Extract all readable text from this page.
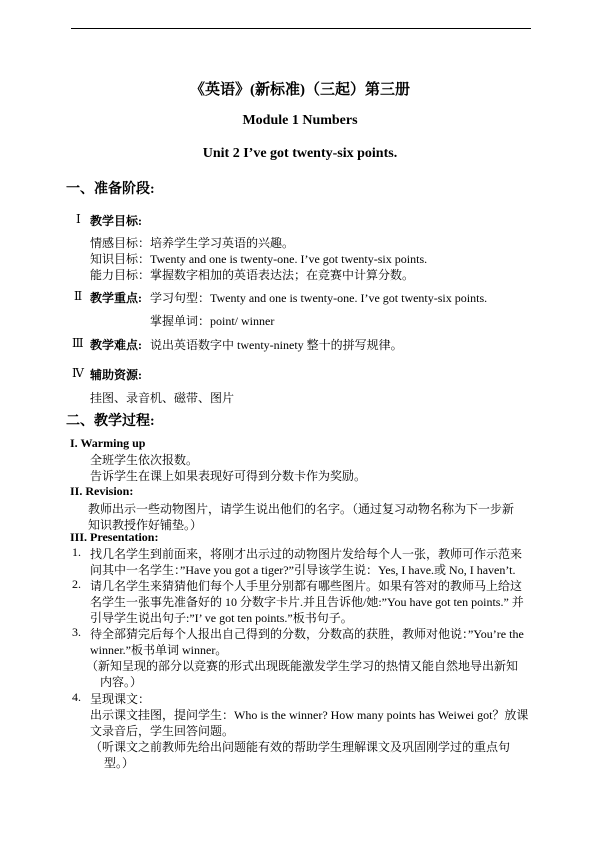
《英语》(新标准)（三起）第三册
Module 1 Numbers
Unit 2 I’ve got twenty-six points.
一、准备阶段:
Ⅰ 教学目标:
情感目标：培养学生学习英语的兴趣。
知识目标：Twenty and one is twenty-one. I’ve got twenty-six points.
能力目标：掌握数字相加的英语表达法；在竞赛中计算分数。
Ⅱ 教学重点: 学习句型：Twenty and one is twenty-one. I’ve got twenty-six points.
掌握单词：point/ winner
Ⅲ 教学难点: 说出英语数字中 twenty-ninety 整十的拼写规律。
Ⅳ 辅助资源:
挂图、录音机、磁带、图片
二、教学过程:
I. Warming up
全班学生依次报数。
告诉学生在课上如果表现好可得到分数卡作为奖励。
II. Revision:
教师出示一些动物图片，请学生说出他们的名字。（通过复习动物名称为下一步新
知识教授作好铺垫。）
III. Presentation:
1. 找几名学生到前面来，将刚才出示过的动物图片发给每个人一张，教师可作示范来
问其中一名学生：”Have you got a tiger?”引导该学生说：Yes, I have.或 No, I haven’t.
2. 请几名学生来猜猜他们每个人手里分别都有哪些图片。如果有答对的教师马上给这
名学生一张事先准备好的 10 分数字卡片.并且告诉他/她:”You have got ten points.” 并
引导学生说出句子:”I’ ve got ten points.”板书句子。
3. 待全部猜完后每个人报出自己得到的分数，分数高的获胜，教师对他说：”You’re the
winner.”板书单词 winner。
（新知呈现的部分以竞赛的形式出现既能激发学生学习的热情又能自然地导出新知
内容。）
4. 呈现课文：
出示课文挂图，提问学生：Who is the winner? How many points has Weiwei got？放课
文录音后，学生回答问题。
（听课文之前教师先给出问题能有效的帮助学生理解课文及巩固刚学过的重点句
型。）
